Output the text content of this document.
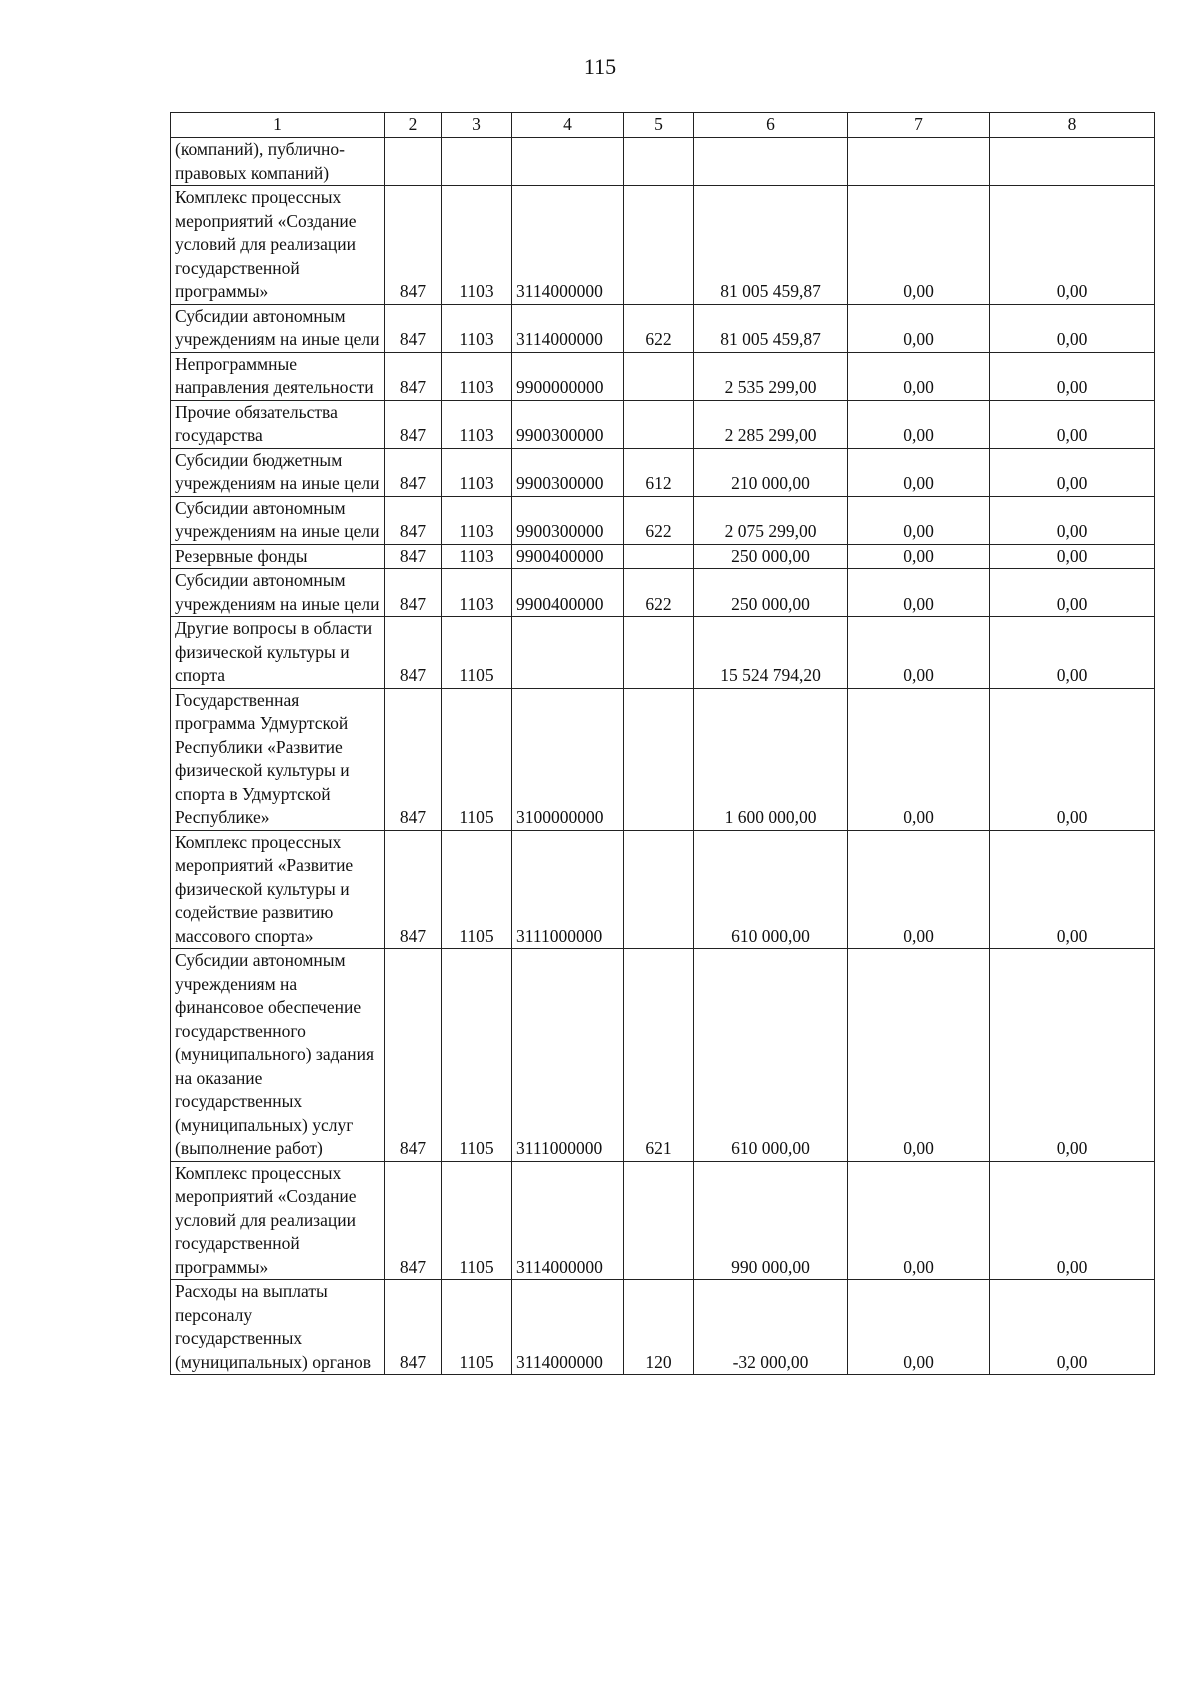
115
1	2	3	4	5	6	7	8
(компаний), публично-правовых компаний)							
Комплекс процессных мероприятий «Создание условий для реализации государственной программы»	847	1103	3114000000		81 005 459,87	0,00	0,00
Субсидии автономным учреждениям на иные цели	847	1103	3114000000	622	81 005 459,87	0,00	0,00
Непрограммные направления деятельности	847	1103	9900000000		2 535 299,00	0,00	0,00
Прочие обязательства государства	847	1103	9900300000		2 285 299,00	0,00	0,00
Субсидии бюджетным учреждениям на иные цели	847	1103	9900300000	612	210 000,00	0,00	0,00
Субсидии автономным учреждениям на иные цели	847	1103	9900300000	622	2 075 299,00	0,00	0,00
Резервные фонды	847	1103	9900400000		250 000,00	0,00	0,00
Субсидии автономным учреждениям на иные цели	847	1103	9900400000	622	250 000,00	0,00	0,00
Другие вопросы в области физической культуры и спорта	847	1105			15 524 794,20	0,00	0,00
Государственная программа Удмуртской Республики «Развитие физической культуры и спорта в Удмуртской Республике»	847	1105	3100000000		1 600 000,00	0,00	0,00
Комплекс процессных мероприятий «Развитие физической культуры и содействие развитию массового спорта»	847	1105	3111000000		610 000,00	0,00	0,00
Субсидии автономным учреждениям на финансовое обеспечение государственного (муниципального) задания на оказание государственных (муниципальных) услуг (выполнение работ)	847	1105	3111000000	621	610 000,00	0,00	0,00
Комплекс процессных мероприятий «Создание условий для реализации государственной программы»	847	1105	3114000000		990 000,00	0,00	0,00
Расходы на выплаты персоналу государственных (муниципальных) органов	847	1105	3114000000	120	-32 000,00	0,00	0,00
